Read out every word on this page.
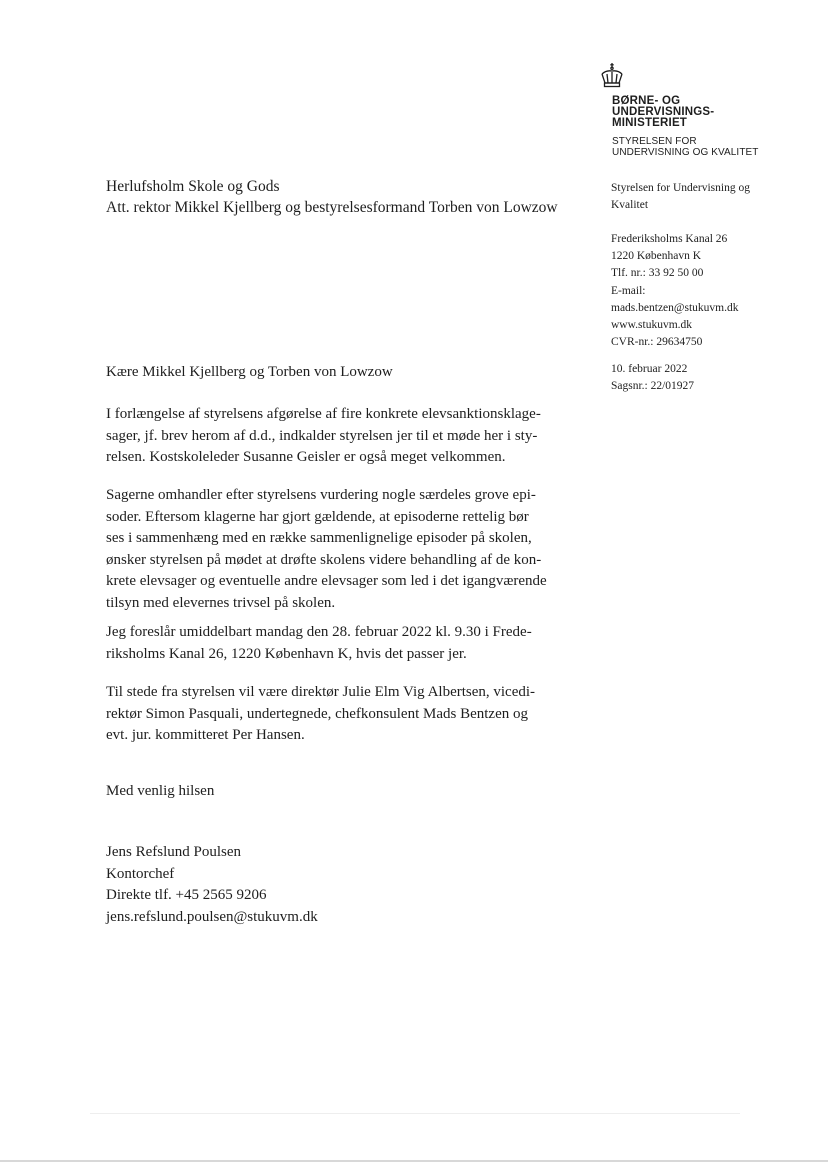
BØRNE- OG
UNDERVISNINGS-
MINISTERIET
STYRELSEN FOR
UNDERVISNING OG KVALITET
Styrelsen for Undervisning og
Kvalitet
Frederiksholms Kanal 26
1220 København K
Tlf. nr.: 33 92 50 00
E-mail:
mads.bentzen@stukuvm.dk
www.stukuvm.dk
CVR-nr.: 29634750
10. februar 2022
Sagsnr.: 22/01927
Herlufsholm Skole og Gods
Att. rektor Mikkel Kjellberg og bestyrelsesformand Torben von Lowzow
Kære Mikkel Kjellberg og Torben von Lowzow
I forlængelse af styrelsens afgørelse af fire konkrete elevsanktionsklage-
sager, jf. brev herom af d.d., indkalder styrelsen jer til et møde her i sty-
relsen. Kostskoleleder Susanne Geisler er også meget velkommen.
Sagerne omhandler efter styrelsens vurdering nogle særdeles grove epi-
soder. Eftersom klagerne har gjort gældende, at episoderne rettelig bør
ses i sammenhæng med en række sammenlignelige episoder på skolen,
ønsker styrelsen på mødet at drøfte skolens videre behandling af de kon-
krete elevsager og eventuelle andre elevsager som led i det igangværende
tilsyn med elevernes trivsel på skolen.
Jeg foreslår umiddelbart mandag den 28. februar 2022 kl. 9.30 i Frede-
riksholms Kanal 26, 1220 København K, hvis det passer jer.
Til stede fra styrelsen vil være direktør Julie Elm Vig Albertsen, vicedi-
rektør Simon Pasquali, undertegnede, chefkonsulent Mads Bentzen og
evt. jur. kommitteret Per Hansen.
Med venlig hilsen
Jens Refslund Poulsen
Kontorchef
Direkte tlf. +45 2565 9206
jens.refslund.poulsen@stukuvm.dk
